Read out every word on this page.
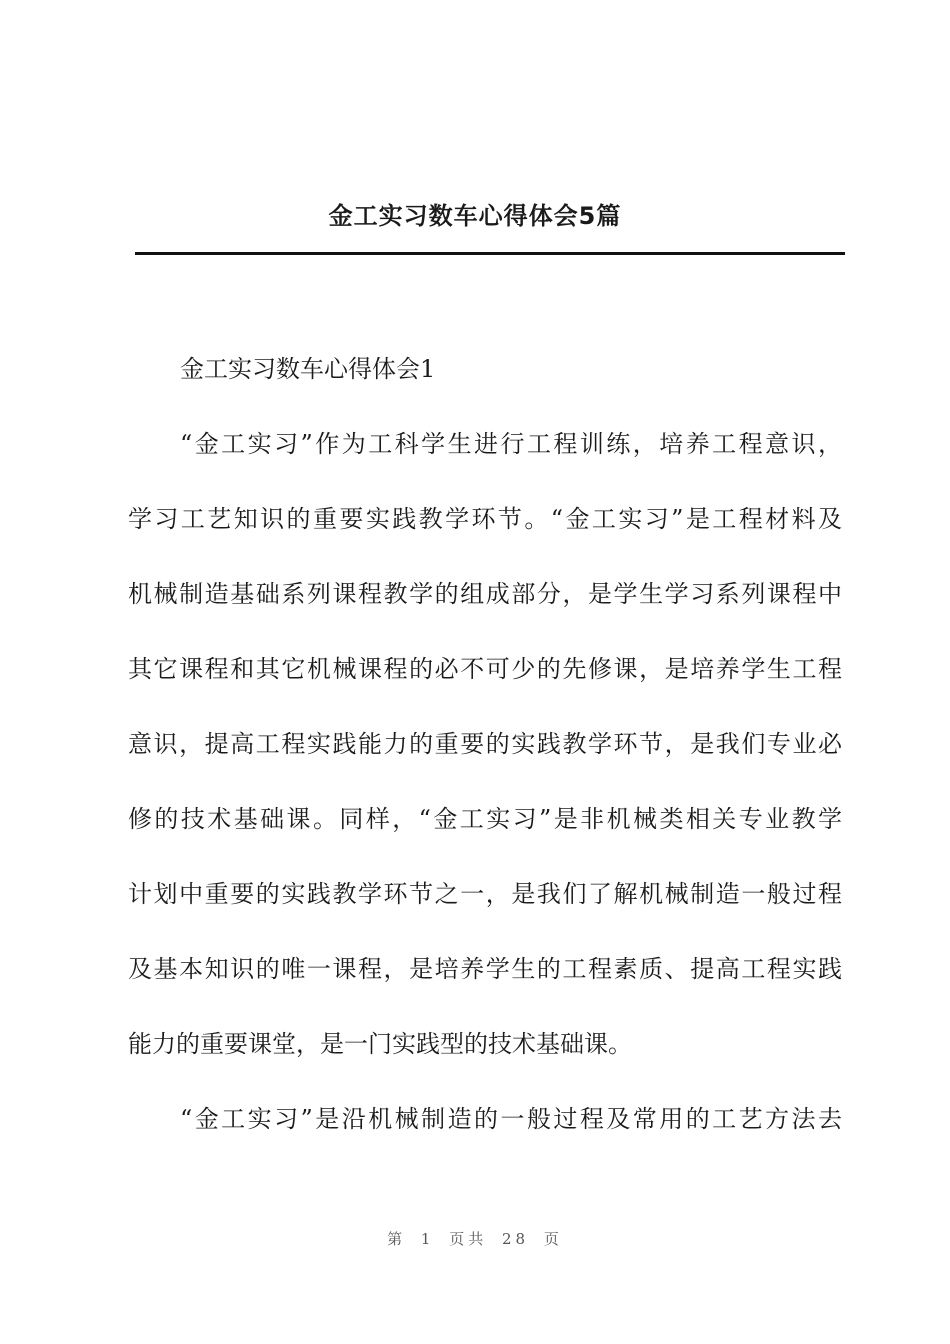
金工实习数车心得体会5篇
金工实习数车心得体会1
“金工实习”作为工科学生进行工程训练，培养工程意识，
学习工艺知识的重要实践教学环节。“金工实习”是工程材料及
机械制造基础系列课程教学的组成部分，是学生学习系列课程中
其它课程和其它机械课程的必不可少的先修课，是培养学生工程
意识，提高工程实践能力的重要的实践教学环节，是我们专业必
修的技术基础课。同样，“金工实习”是非机械类相关专业教学
计划中重要的实践教学环节之一，是我们了解机械制造一般过程
及基本知识的唯一课程，是培养学生的工程素质、提高工程实践
能力的重要课堂，是一门实践型的技术基础课。
“金工实习”是沿机械制造的一般过程及常用的工艺方法去
第 1 页共 28 页
